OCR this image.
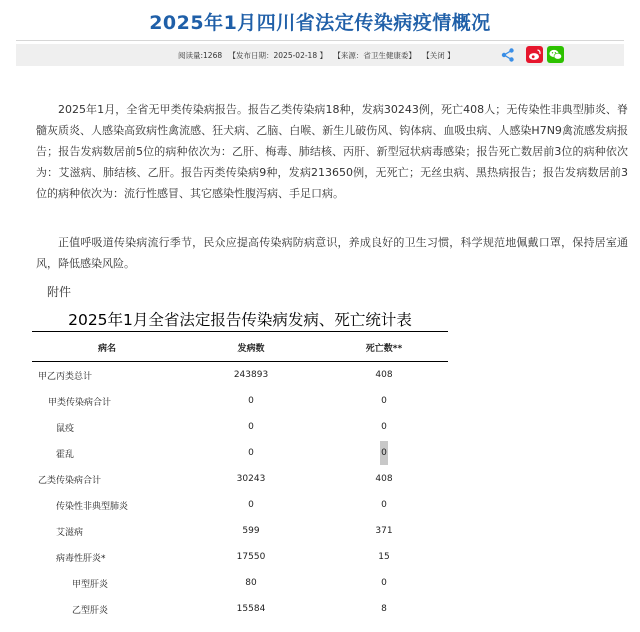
2025年1月四川省法定传染病疫情概况
阅读量:1268 【发布日期：2025-02-18 】 【来源：省卫生健康委】 【关闭 】
2025年1月，全省无甲类传染病报告。报告乙类传染病18种，发病30243例，死亡408人；无传染性非典型肺炎、脊髓灰质炎、人感染高致病性禽流感、狂犬病、乙脑、白喉、新生儿破伤风、钩体病、血吸虫病、人感染H7N9禽流感发病报告；报告发病数居前5位的病种依次为：乙肝、梅毒、肺结核、丙肝、新型冠状病毒感染；报告死亡数居前3位的病种依次为：艾滋病、肺结核、乙肝。报告丙类传染病9种，发病213650例，无死亡；无丝虫病、黑热病报告；报告发病数居前3位的病种依次为：流行性感冒、其它感染性腹泻病、手足口病。
正值呼吸道传染病流行季节，民众应提高传染病防病意识，养成良好的卫生习惯，科学规范地佩戴口罩，保持居室通风，降低感染风险。
附件
2025年1月全省法定报告传染病发病、死亡统计表
病名	发病数	死亡数**
甲乙丙类总计	243893	408
甲类传染病合计	0	0
鼠疫	0	0
霍乱	0	0
乙类传染病合计	30243	408
传染性非典型肺炎	0	0
艾滋病	599	371
病毒性肝炎*	17550	15
甲型肝炎	80	0
乙型肝炎	15584	8
